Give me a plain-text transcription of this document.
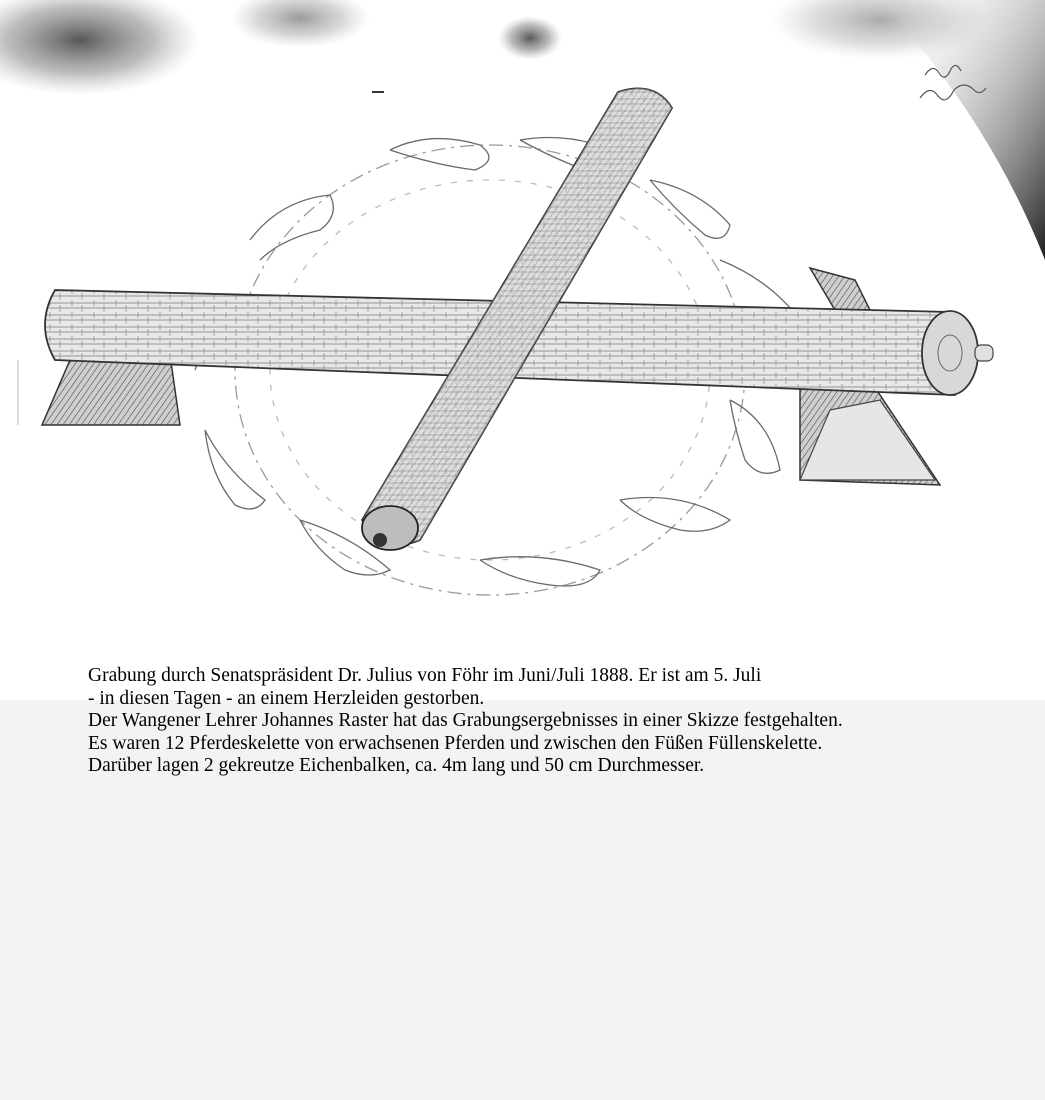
Grabung durch Senatspräsident Dr. Julius von Föhr im Juni/Juli 1888. Er ist am 5. Juli
- in diesen Tagen - an einem Herzleiden gestorben.
Der Wangener Lehrer Johannes Raster hat das Grabungsergebnisses in einer Skizze festgehalten.
Es waren 12 Pferdeskelette von erwachsenen Pferden und zwischen den Füßen Füllenskelette.
Darüber lagen 2 gekreutze Eichenbalken, ca. 4m lang und 50 cm Durchmesser.
